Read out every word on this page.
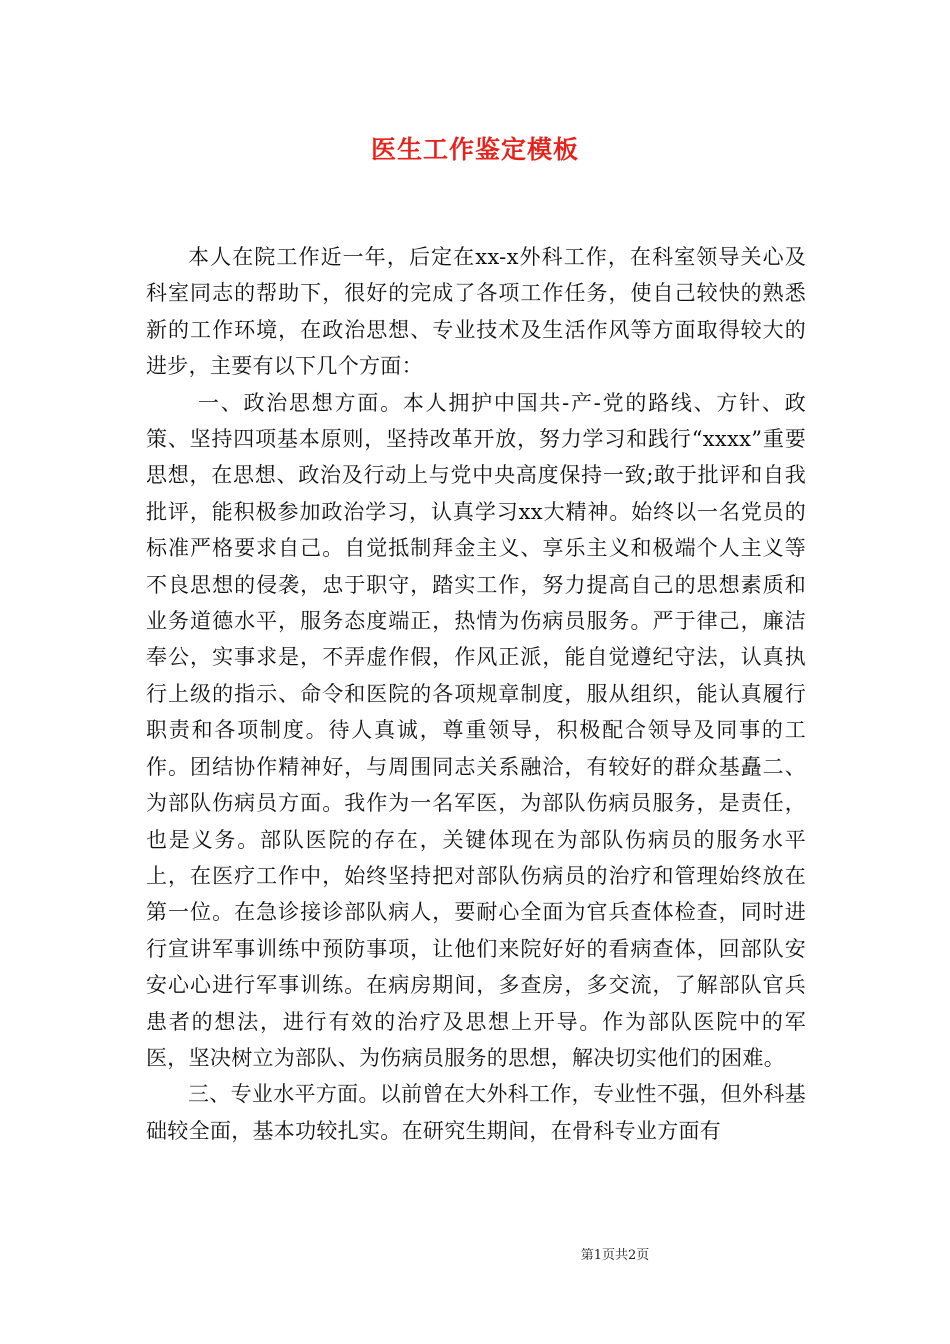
医生工作鉴定模板

本人在院工作近一年，后定在xx-x外科工作，在科室领导关心及科室同志的帮助下，很好的完成了各项工作任务，使自己较快的熟悉新的工作环境，在政治思想、专业技术及生活作风等方面取得较大的进步，主要有以下几个方面：

一、政治思想方面。本人拥护中国共-产-党的路线、方针、政策、坚持四项基本原则，坚持改革开放，努力学习和践行“xxxx”重要思想，在思想、政治及行动上与党中央高度保持一致;敢于批评和自我批评，能积极参加政治学习，认真学习xx大精神。始终以一名党员的标准严格要求自己。自觉抵制拜金主义、享乐主义和极端个人主义等不良思想的侵袭，忠于职守，踏实工作，努力提高自己的思想素质和业务道德水平，服务态度端正，热情为伤病员服务。严于律己，廉洁奉公，实事求是，不弄虚作假，作风正派，能自觉遵纪守法，认真执行上级的指示、命令和医院的各项规章制度，服从组织，能认真履行职责和各项制度。待人真诚，尊重领导，积极配合领导及同事的工作。团结协作精神好，与周围同志关系融洽，有较好的群众基矗二、为部队伤病员方面。我作为一名军医，为部队伤病员服务，是责任，也是义务。部队医院的存在，关键体现在为部队伤病员的服务水平上，在医疗工作中，始终坚持把对部队伤病员的治疗和管理始终放在第一位。在急诊接诊部队病人，要耐心全面为官兵查体检查，同时进行宣讲军事训练中预防事项，让他们来院好好的看病查体，回部队安安心心进行军事训练。在病房期间，多查房，多交流，了解部队官兵患者的想法，进行有效的治疗及思想上开导。作为部队医院中的军医，坚决树立为部队、为伤病员服务的思想，解决切实他们的困难。

三、专业水平方面。以前曾在大外科工作，专业性不强，但外科基础较全面，基本功较扎实。在研究生期间，在骨科专业方面有

第1页共2页
